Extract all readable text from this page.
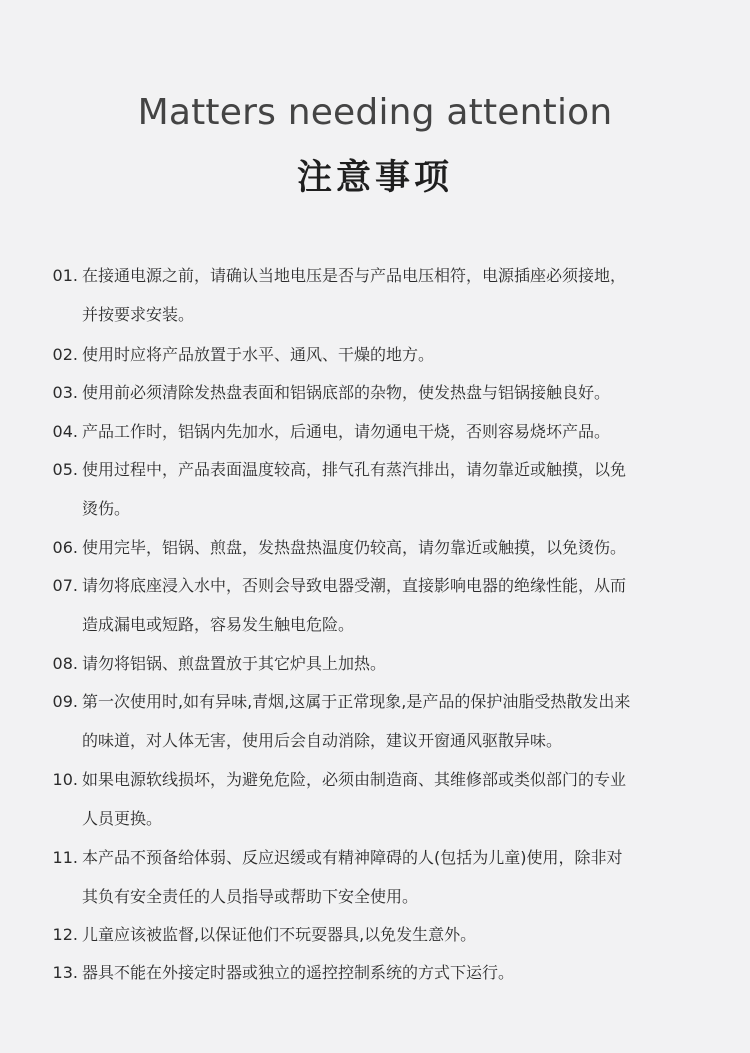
Matters needing attention
注意事项
01. 在接通电源之前，请确认当地电压是否与产品电压相符，电源插座必须接地，
并按要求安装。
02. 使用时应将产品放置于水平、通风、干燥的地方。
03. 使用前必须清除发热盘表面和铝锅底部的杂物，使发热盘与铝锅接触良好。
04. 产品工作时，铝锅内先加水，后通电，请勿通电干烧，否则容易烧坏产品。
05. 使用过程中，产品表面温度较高，排气孔有蒸汽排出，请勿靠近或触摸，以免
烫伤。
06. 使用完毕，铝锅、煎盘，发热盘热温度仍较高，请勿靠近或触摸，以免烫伤。
07. 请勿将底座浸入水中，否则会导致电器受潮，直接影响电器的绝缘性能，从而
造成漏电或短路，容易发生触电危险。
08. 请勿将铝锅、煎盘置放于其它炉具上加热。
09. 第一次使用时,如有异味,青烟,这属于正常现象,是产品的保护油脂受热散发出来
的味道，对人体无害，使用后会自动消除，建议开窗通风驱散异味。
10. 如果电源软线损坏，为避免危险，必须由制造商、其维修部或类似部门的专业
人员更换。
11. 本产品不预备给体弱、反应迟缓或有精神障碍的人(包括为儿童)使用，除非对
其负有安全责任的人员指导或帮助下安全使用。
12. 儿童应该被监督,以保证他们不玩耍器具,以免发生意外。
13. 器具不能在外接定时器或独立的遥控控制系统的方式下运行。
